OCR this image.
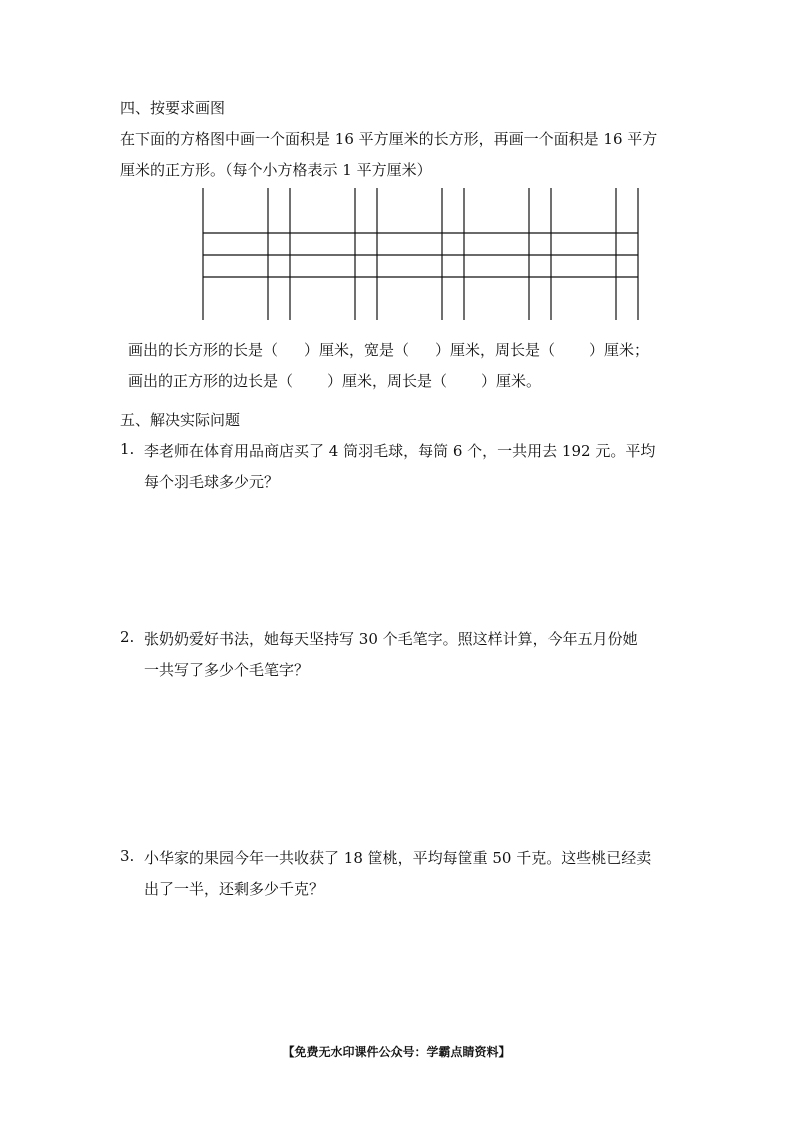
四、按要求画图
在下面的方格图中画一个面积是 16 平方厘米的长方形，再画一个面积是 16 平方
厘米的正方形。（每个小方格表示 1 平方厘米）
画出的长方形的长是（ ）厘米，宽是（ ）厘米，周长是（ ）厘米；
画出的正方形的边长是（ ）厘米，周长是（ ）厘米。
五、解决实际问题
1. 李老师在体育用品商店买了 4 筒羽毛球，每筒 6 个，一共用去 192 元。平均
每个羽毛球多少元？
2. 张奶奶爱好书法，她每天坚持写 30 个毛笔字。照这样计算，今年五月份她
一共写了多少个毛笔字？
3. 小华家的果园今年一共收获了 18 筐桃，平均每筐重 50 千克。这些桃已经卖
出了一半，还剩多少千克？
【免费无水印课件公众号：学霸点睛资料】
